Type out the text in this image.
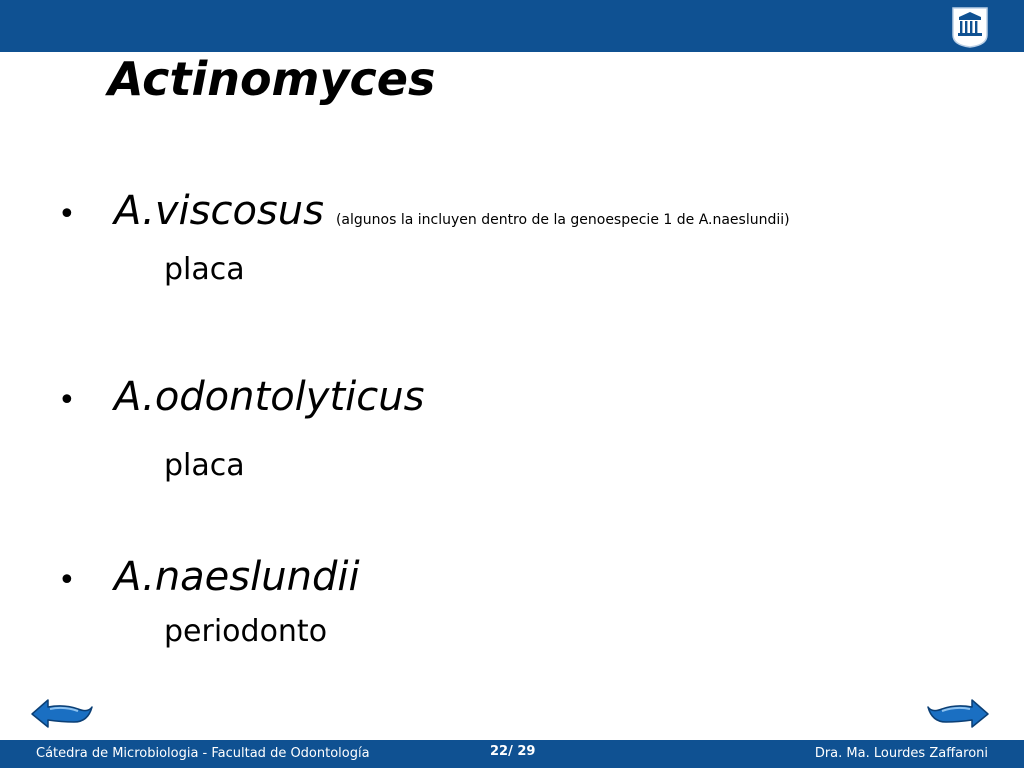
Actinomyces
• A.viscosus (algunos la incluyen dentro de la genoespecie 1 de A.naeslundii)
placa
• A.odontolyticus
placa
• A.naeslundii
periodonto
Cátedra de Microbiologia - Facultad de Odontología	22/ 29	Dra. Ma. Lourdes Zaffaroni
